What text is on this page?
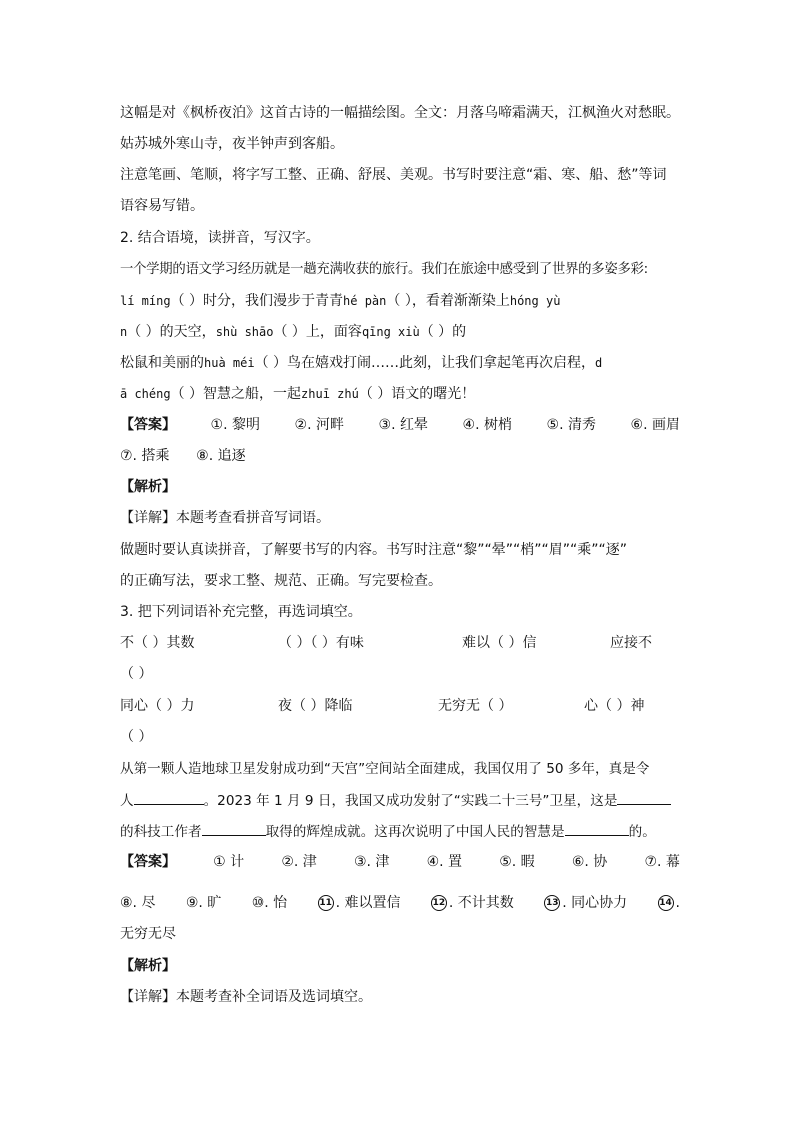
这幅是对《枫桥夜泊》这首古诗的一幅描绘图。全文：月落乌啼霜满天，江枫渔火对愁眠。
姑苏城外寒山寺，夜半钟声到客船。
注意笔画、笔顺，将字写工整、正确、舒展、美观。书写时要注意“霜、寒、船、愁”等词
语容易写错。
2. 结合语境，读拼音，写汉字。
一个学期的语文学习经历就是一趟充满收获的旅行。我们在旅途中感受到了世界的多姿多彩:
lí míng（ ）时分，我们漫步于青青hé pàn（ ），看着渐渐染上hóng yù
n（ ）的天空，shù shāo（ ）上，面容qīng xiù（ ）的
松鼠和美丽的huà méi（ ）鸟在嬉戏打闹……此刻，让我们拿起笔再次启程，d
ā chéng（ ）智慧之船，一起zhuī zhú（ ）语文的曙光！
【答案】 ①. 黎明 ②. 河畔 ③. 红晕 ④. 树梢 ⑤. 清秀 ⑥. 画眉
⑦. 搭乘 ⑧. 追逐
【解析】
【详解】本题考查看拼音写词语。
做题时要认真读拼音，了解要书写的内容。书写时注意“黎”“晕”“梢”“眉”“乘”“逐”
的正确写法，要求工整、规范、正确。写完要检查。
3. 把下列词语补充完整，再选词填空。
不（ ）其数	（ ）（ ）有味	难以（ ）信	应接不
（ ）
同心（ ）力	夜（ ）降临	无穷无（ ）	心（ ）神
（ ）
从第一颗人造地球卫星发射成功到“天宫”空间站全面建成，我国仅用了 50 多年，真是令
人	。2023 年 1 月 9 日，我国又成功发射了“实践二十三号”卫星，这是
的科技工作者	取得的辉煌成就。这再次说明了中国人民的智慧是	的。
【答案】	① 计	②. 津	③. 津	④. 置	⑤. 暇	⑥. 协	⑦. 幕
⑧. 尽 ⑨. 旷 ⑩. 怡	11 . 难以置信	12 . 不计其数	13 . 同心协力	14 .
无穷无尽
【解析】
【详解】本题考查补全词语及选词填空。
